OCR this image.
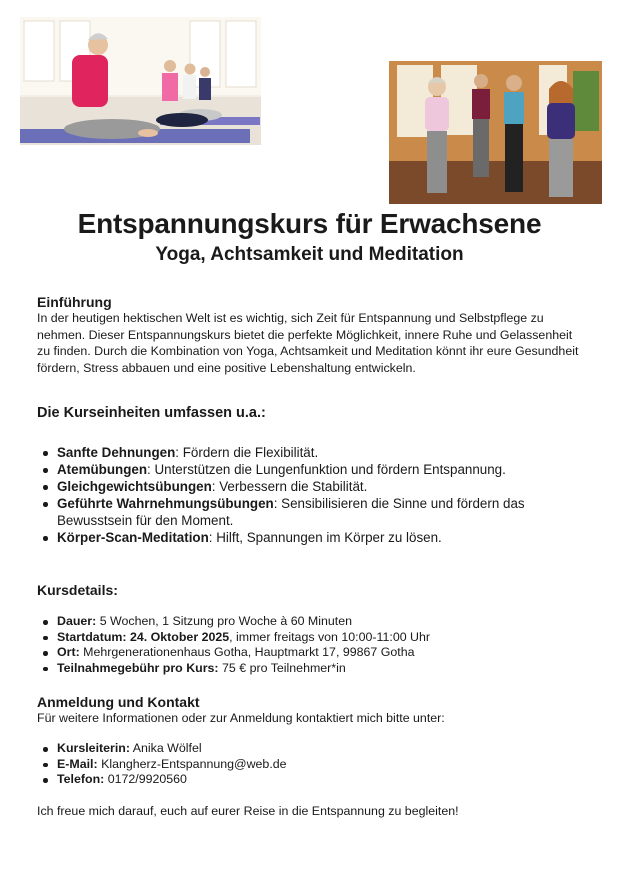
Entspannungskurs für Erwachsene
Yoga, Achtsamkeit und Meditation
Einführung

In der heutigen hektischen Welt ist es wichtig, sich Zeit für Entspannung und Selbstpflege zu nehmen. Dieser Entspannungskurs bietet die perfekte Möglichkeit, innere Ruhe und Gelassenheit zu finden. Durch die Kombination von Yoga, Achtsamkeit und Meditation könnt ihr eure Gesundheit fördern, Stress abbauen und eine positive Lebenshaltung entwickeln.

Die Kurseinheiten umfassen u.a.:
Sanfte Dehnungen: Fördern die Flexibilität.
Atemübungen: Unterstützen die Lungenfunktion und fördern Entspannung.
Gleichgewichtsübungen: Verbessern die Stabilität.
Geführte Wahrnehmungsübungen: Sensibilisieren die Sinne und fördern das Bewusstsein für den Moment.
Körper-Scan-Meditation: Hilft, Spannungen im Körper zu lösen.
Kursdetails:
Dauer: 5 Wochen, 1 Sitzung pro Woche à 60 Minuten
Startdatum: 24. Oktober 2025, immer freitags von 10:00-11:00 Uhr
Ort: Mehrgenerationenhaus Gotha, Hauptmarkt 17, 99867 Gotha
Teilnahmegebühr pro Kurs: 75 € pro Teilnehmer*in
Anmeldung und Kontakt

Für weitere Informationen oder zur Anmeldung kontaktiert mich bitte unter:

Kursleiterin: Anika Wölfel
E-Mail: Klangherz-Entspannung@web.de
Telefon: 0172/9920560

Ich freue mich darauf, euch auf eurer Reise in die Entspannung zu begleiten!
